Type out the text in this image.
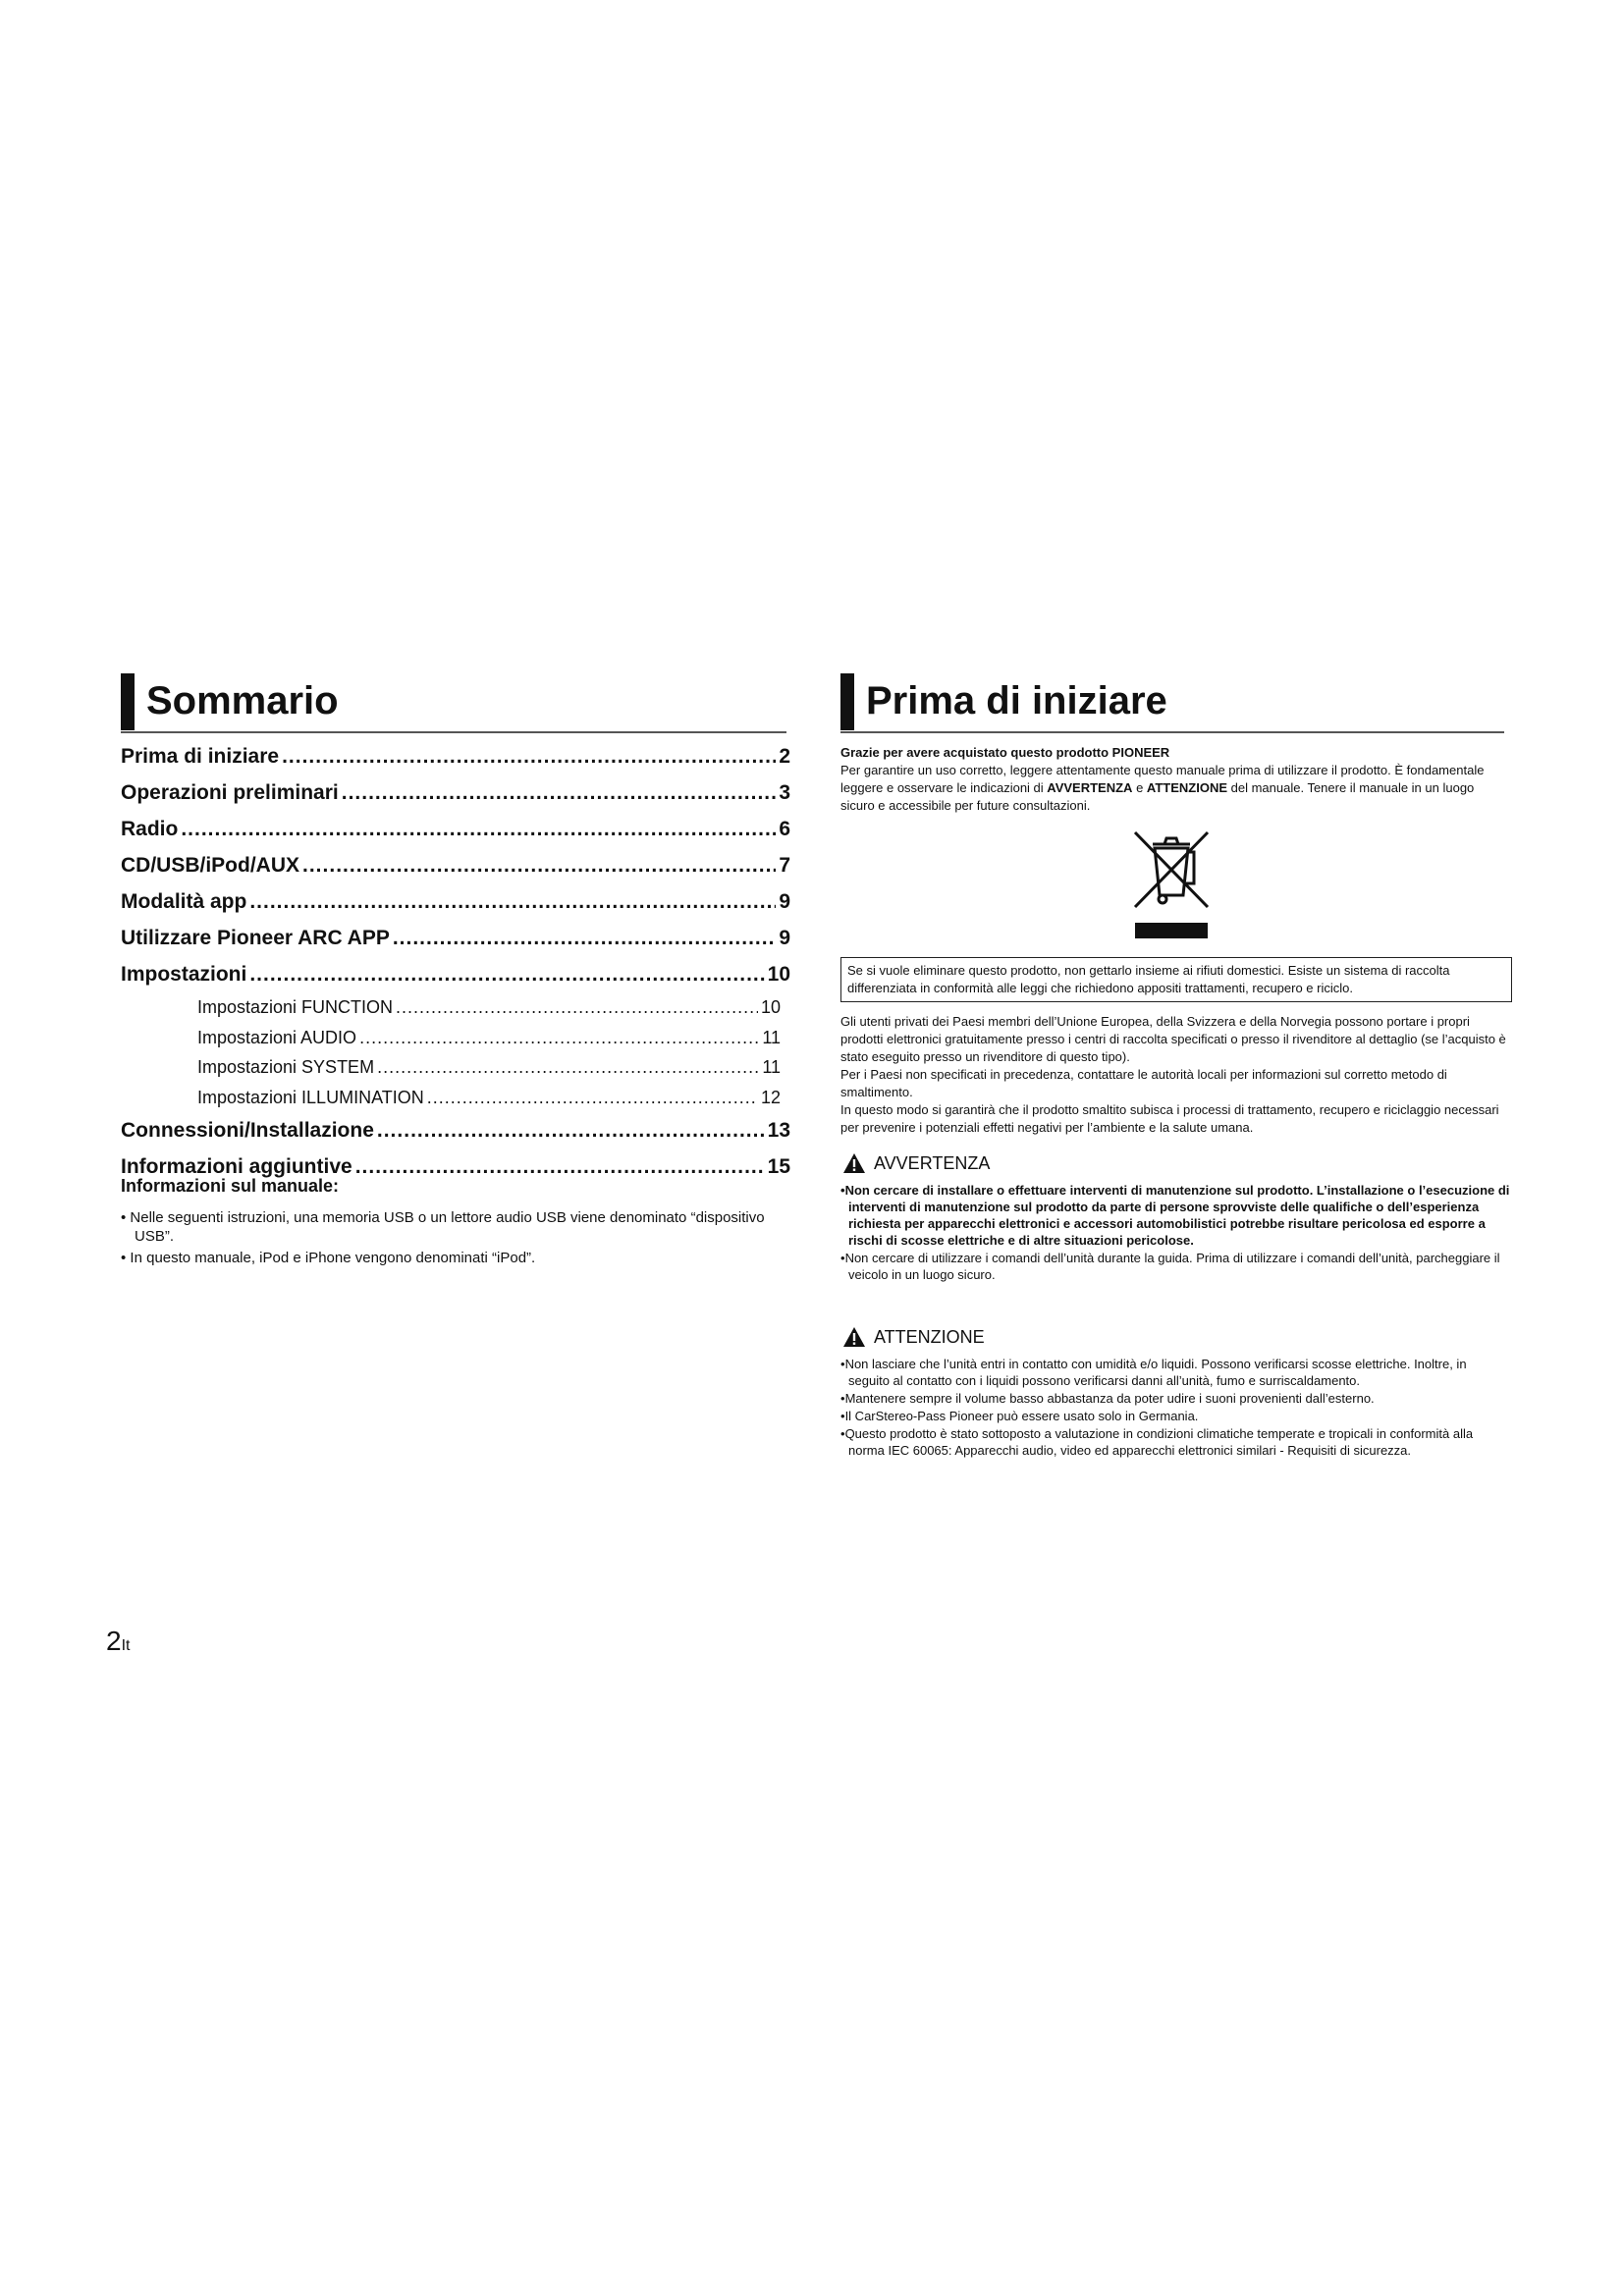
Sommario
Prima di iniziare .....	2
Operazioni preliminari .....	3
Radio .....	6
CD/USB/iPod/AUX .....	7
Modalità app .....	9
Utilizzare Pioneer ARC APP .....	9
Impostazioni .....	10
Impostazioni FUNCTION .....	10
Impostazioni AUDIO .....	11
Impostazioni SYSTEM .....	11
Impostazioni ILLUMINATION .....	12
Connessioni/Installazione .....	13
Informazioni aggiuntive .....	15
Informazioni sul manuale:
• Nelle seguenti istruzioni, una memoria USB o un lettore audio USB viene denominato “dispositivo USB”.
• In questo manuale, iPod e iPhone vengono denominati “iPod”.
Prima di iniziare

Grazie per avere acquistato questo prodotto PIONEER

Per garantire un uso corretto, leggere attentamente questo manuale prima di utilizzare il prodotto. È fondamentale leggere e osservare le indicazioni di AVVERTENZA e ATTENZIONE del manuale. Tenere il manuale in un luogo sicuro e accessibile per future consultazioni.

Se si vuole eliminare questo prodotto, non gettarlo insieme ai rifiuti domestici. Esiste un sistema di raccolta differenziata in conformità alle leggi che richiedono appositi trattamenti, recupero e riciclo.

Gli utenti privati dei Paesi membri dell’Unione Europea, della Svizzera e della Norvegia possono portare i propri prodotti elettronici gratuitamente presso i centri di raccolta specificati o presso il rivenditore al dettaglio (se l’acquisto è stato eseguito presso un rivenditore di questo tipo).

Per i Paesi non specificati in precedenza, contattare le autorità locali per informazioni sul corretto metodo di smaltimento.

In questo modo si garantirà che il prodotto smaltito subisca i processi di trattamento, recupero e riciclaggio necessari per prevenire i potenziali effetti negativi per l’ambiente e la salute umana.

AVVERTENZA
• Non cercare di installare o effettuare interventi di manutenzione sul prodotto. L’installazione o l’esecuzione di interventi di manutenzione sul prodotto da parte di persone sprovviste delle qualifiche o dell’esperienza richiesta per apparecchi elettronici e accessori automobilistici potrebbe risultare pericolosa ed esporre a rischi di scosse elettriche e di altre situazioni pericolose.
• Non cercare di utilizzare i comandi dell’unità durante la guida. Prima di utilizzare i comandi dell’unità, parcheggiare il veicolo in un luogo sicuro.
ATTENZIONE
• Non lasciare che l’unità entri in contatto con umidità e/o liquidi. Possono verificarsi scosse elettriche. Inoltre, in seguito al contatto con i liquidi possono verificarsi danni all’unità, fumo e surriscaldamento.
• Mantenere sempre il volume basso abbastanza da poter udire i suoni provenienti dall’esterno.
• Il CarStereo-Pass Pioneer può essere usato solo in Germania.
• Questo prodotto è stato sottoposto a valutazione in condizioni climatiche temperate e tropicali in conformità alla norma IEC 60065: Apparecchi audio, video ed apparecchi elettronici similari - Requisiti di sicurezza.
2It
